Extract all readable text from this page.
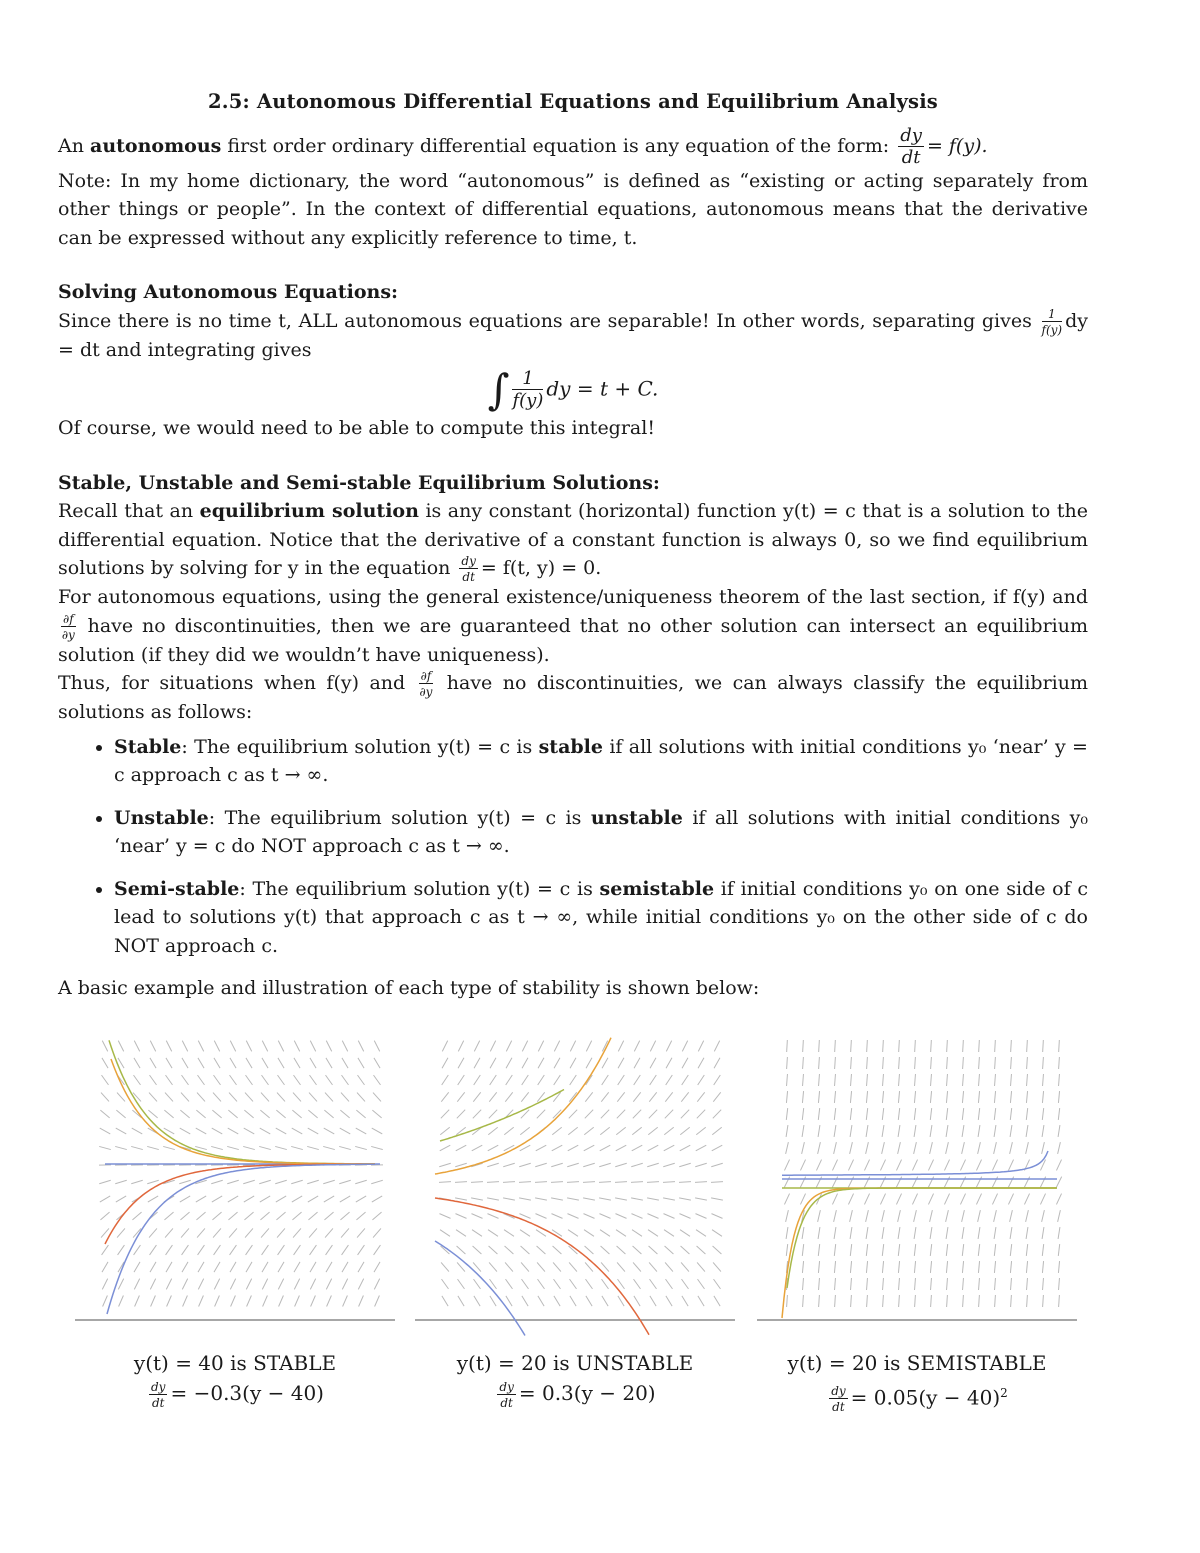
2.5: Autonomous Differential Equations and Equilibrium Analysis

An autonomous first order ordinary differential equation is any equation of the form: $\frac{dy}{dt} = f(y)$.

Note: In my home dictionary, the word “autonomous” is defined as “existing or acting separately from other things or people”. In the context of differential equations, autonomous means that the derivative can be expressed without any explicitly reference to time, t.

Solving Autonomous Equations:

Since there is no time t, ALL autonomous equations are separable! In other words, separating gives $\frac{1}{f(y)}$ dy = dt and integrating gives

∫ $\frac{1}{f(y)}$ dy = t + C.

Of course, we would need to be able to compute this integral!

Stable, Unstable and Semi-stable Equilibrium Solutions:

Recall that an equilibrium solution is any constant (horizontal) function y(t) = c that is a solution to the differential equation. Notice that the derivative of a constant function is always 0, so we find equilibrium solutions by solving for y in the equation $\frac{dy}{dt} = f(t$, y) = 0.

For autonomous equations, using the general existence/uniqueness theorem of the last section, if f(y) and
$\frac{\partial f}{\partial y}$ have no discontinuities, then we are guaranteed that no other solution can intersect an equilibrium solution (if they did we wouldn’t have uniqueness).

Thus, for situations when f(y) and $\frac{\partial f}{\partial y}$ have no discontinuities, we can always classify the equilibrium solutions as follows:

• Stable: The equilibrium solution y(t) = c is stable if all solutions with initial conditions y₀ ‘near’ y = c approach c as t → ∞.
• Unstable: The equilibrium solution y(t) = c is unstable if all solutions with initial conditions y₀ ‘near’ y = c do NOT approach c as t → ∞.
• Semi-stable: The equilibrium solution y(t) = c is semistable if initial conditions y₀ on one side of c lead to solutions y(t) that approach c as t → ∞, while initial conditions y₀ on the other side of c do NOT approach c.

A basic example and illustration of each type of stability is shown below:

y(t) = 40 is STABLE
$\frac{dy}{dt} = -0.3(y - 40)$
y(t) = 20 is UNSTABLE
$\frac{dy}{dt} = 0.3(y - 20)$
y(t) = 20 is SEMISTABLE
$\frac{dy}{dt} = 0.05(y - 40)^2$
